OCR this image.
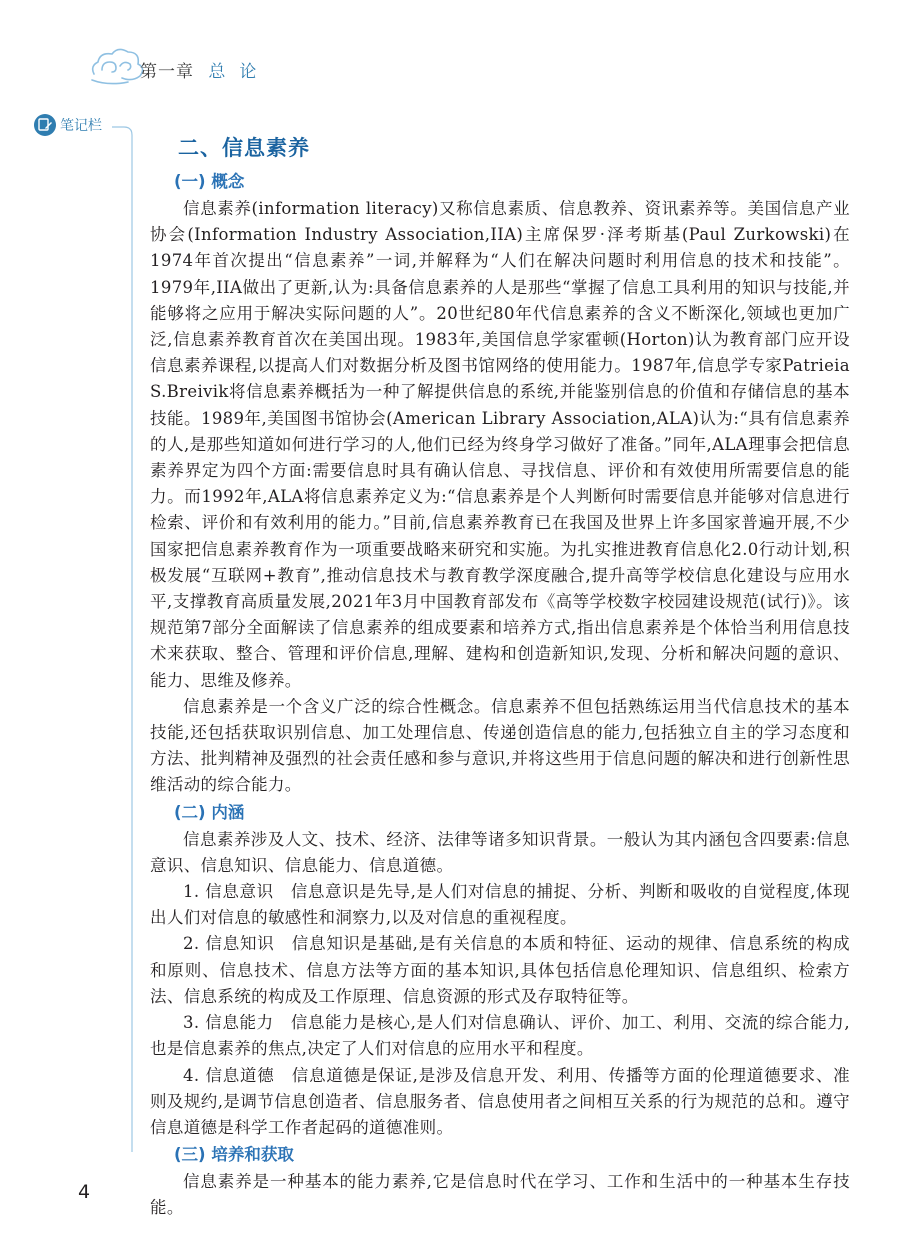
第一章 总论
笔记栏
二、信息素养

(一) 概念

信息素养(information literacy)又称信息素质、信息教养、资讯素养等。美国信息产业协会(Information Industry Association,IIA)主席保罗·泽考斯基(Paul Zurkowski)在1974年首次提出“信息素养”一词,并解释为“人们在解决问题时利用信息的技术和技能”。1979年,IIA做出了更新,认为:具备信息素养的人是那些“掌握了信息工具利用的知识与技能,并能够将之应用于解决实际问题的人”。20世纪80年代信息素养的含义不断深化,领域也更加广泛,信息素养教育首次在美国出现。1983年,美国信息学家霍顿(Horton)认为教育部门应开设信息素养课程,以提高人们对数据分析及图书馆网络的使用能力。1987年,信息学专家Patrieia S.Breivik将信息素养概括为一种了解提供信息的系统,并能鉴别信息的价值和存储信息的基本技能。1989年,美国图书馆协会(American Library Association,ALA)认为:“具有信息素养的人,是那些知道如何进行学习的人,他们已经为终身学习做好了准备。”同年,ALA理事会把信息素养界定为四个方面:需要信息时具有确认信息、寻找信息、评价和有效使用所需要信息的能力。而1992年,ALA将信息素养定义为:“信息素养是个人判断何时需要信息并能够对信息进行检索、评价和有效利用的能力。”目前,信息素养教育已在我国及世界上许多国家普遍开展,不少国家把信息素养教育作为一项重要战略来研究和实施。为扎实推进教育信息化2.0行动计划,积极发展“互联网+教育”,推动信息技术与教育教学深度融合,提升高等学校信息化建设与应用水平,支撑教育高质量发展,2021年3月中国教育部发布《高等学校数字校园建设规范(试行)》。该规范第7部分全面解读了信息素养的组成要素和培养方式,指出信息素养是个体恰当利用信息技术来获取、整合、管理和评价信息,理解、建构和创造新知识,发现、分析和解决问题的意识、能力、思维及修养。

信息素养是一个含义广泛的综合性概念。信息素养不但包括熟练运用当代信息技术的基本技能,还包括获取识别信息、加工处理信息、传递创造信息的能力,包括独立自主的学习态度和方法、批判精神及强烈的社会责任感和参与意识,并将这些用于信息问题的解决和进行创新性思维活动的综合能力。

(二) 内涵

信息素养涉及人文、技术、经济、法律等诸多知识背景。一般认为其内涵包含四要素:信息意识、信息知识、信息能力、信息道德。

1. 信息意识　信息意识是先导,是人们对信息的捕捉、分析、判断和吸收的自觉程度,体现出人们对信息的敏感性和洞察力,以及对信息的重视程度。

2. 信息知识　信息知识是基础,是有关信息的本质和特征、运动的规律、信息系统的构成和原则、信息技术、信息方法等方面的基本知识,具体包括信息伦理知识、信息组织、检索方法、信息系统的构成及工作原理、信息资源的形式及存取特征等。

3. 信息能力　信息能力是核心,是人们对信息确认、评价、加工、利用、交流的综合能力,也是信息素养的焦点,决定了人们对信息的应用水平和程度。

4. 信息道德　信息道德是保证,是涉及信息开发、利用、传播等方面的伦理道德要求、准则及规约,是调节信息创造者、信息服务者、信息使用者之间相互关系的行为规范的总和。遵守信息道德是科学工作者起码的道德准则。

(三) 培养和获取

信息素养是一种基本的能力素养,它是信息时代在学习、工作和生活中的一种基本生存技能。

4
